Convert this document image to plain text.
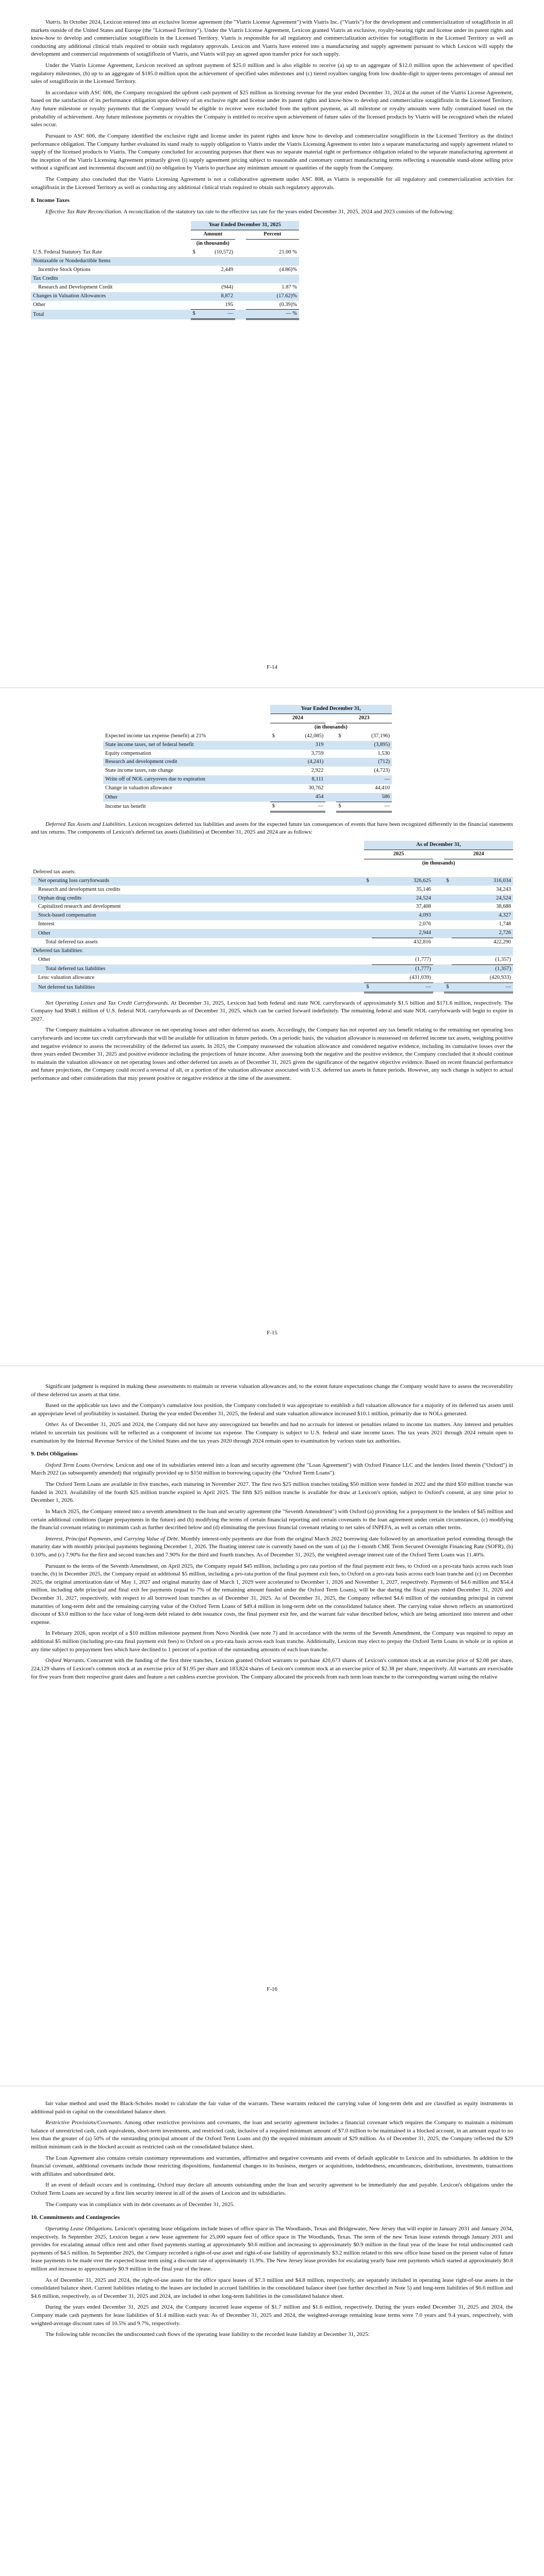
Viatris. In October 2024, Lexicon entered into an exclusive license agreement (the "Viatris License Agreement") with Viatris Inc. ("Viatris") for the development and commercialization of sotagliflozin in all markets outside of the United States and Europe (the "Licensed Territory"). Under the Viatris License Agreement, Lexicon granted Viatris an exclusive, royalty-bearing right and license under its patent rights and know-how to develop and commercialize sotagliflozin in the Licensed Territory. Viatris is responsible for all regulatory and commercialization activities for sotagliflozin in the Licensed Territory as well as conducting any additional clinical trials required to obtain such regulatory approvals. Lexicon and Viatris have entered into a manufacturing and supply agreement pursuant to which Lexicon will supply the development and commercial requirements of sotagliflozin of Viatris, and Viatris will pay an agreed upon transfer price for such supply.

Under the Viatris License Agreement, Lexicon received an upfront payment of $25.0 million and is also eligible to receive (a) up to an aggregate of $12.0 million upon the achievement of specified regulatory milestones, (b) up to an aggregate of $185.0 million upon the achievement of specified sales milestones and (c) tiered royalties ranging from low double-digit to upper-teens percentages of annual net sales of sotagliflozin in the Licensed Territory.

In accordance with ASC 606, the Company recognized the upfront cash payment of $25 million as licensing revenue for the year ended December 31, 2024 at the outset of the Viatris License Agreement, based on the satisfaction of its performance obligation upon delivery of an exclusive right and license under its patent rights and know-how to develop and commercialize sotagliflozin in the Licensed Territory. Any future milestone or royalty payments that the Company would be eligible to receive were excluded from the upfront payment, as all milestone or royalty amounts were fully constrained based on the probability of achievement. Any future milestone payments or royalties the Company is entitled to receive upon achievement of future sales of the licensed products by Viatris will be recognized when the related sales occur.

Pursuant to ASC 606, the Company identified the exclusive right and license under its patent rights and know how to develop and commercialize sotagliflozin in the Licensed Territory as the distinct performance obligation. The Company further evaluated its stand ready to supply obligation to Viatris under the Viatris Licensing Agreement to enter into a separate manufacturing and supply agreement related to supply of the licensed products to Viatris. The Company concluded for accounting purposes that there was no separate material right or performance obligation related to the separate manufacturing agreement at the inception of the Viatris Licensing Agreement primarily given (i) supply agreement pricing subject to reasonable and customary contract manufacturing terms reflecting a reasonable stand-alone selling price without a significant and incremental discount and (ii) no obligation by Viatris to purchase any minimum amount or quantities of the supply from the Company.

The Company also concluded that the Viatris Licensing Agreement is not a collaborative agreement under ASC 808, as Viatris is responsible for all regulatory and commercialization activities for sotagliflozin in the Licensed Territory as well as conducting any additional clinical trials required to obtain such regulatory approvals.

8. Income Taxes

Effective Tax Rate Reconciliation. A reconciliation of the statutory tax rate to the effective tax rate for the years ended December 31, 2025, 2024 and 2023 consists of the following:

	Year Ended December 31, 2025			
	Amount			Percent
	(in thousands)			
U.S. Federal Statutory Tax Rate	$	(10,572)		21.00 %
Nontaxable or Nondeductible Items				
Incentive Stock Options		2,449		(4.86)%
Tax Credits				
Research and Development Credit		(944)		1.87 %
Changes in Valuation Allowances		8,872		(17.62)%
Other		195		(0.39)%
Total	$	—		— %
F-14
	Year Ended December 31,				
	2024			2023	
	(in thousands)				
Expected income tax expense (benefit) at 21%	$	(42,085)		$	(37,196)
State income taxes, net of federal benefit		319			(3,895)
Equity compensation		3,759			1,530
Research and development credit		(4,241)			(712)
State income taxes, rate change		2,922			(4,723)
Write off of NOL carryovers due to expiration		8,111			—
Change in valuation allowance		30,762			44,410
Other		454			586
Income tax benefit	$	—		$	—

Deferred Tax Assets and Liabilities. Lexicon recognizes deferred tax liabilities and assets for the expected future tax consequences of events that have been recognized differently in the financial statements and tax returns. The components of Lexicon's deferred tax assets (liabilities) at December 31, 2025 and 2024 are as follows:

	As of December 31,				
	2025			2024	
	(in thousands)				
Deferred tax assets:					
Net operating loss carryforwards	$	326,625		$	316,034
Research and development tax credits		35,146			34,243
Orphan drug credits		24,524			24,524
Capitalized research and development		37,408			38,688
Stock-based compensation		4,093			4,327
Interest		2,076			1,748
Other		2,944			2,726
Total deferred tax assets		432,816			422,290
Deferred tax liabilities:					
Other		(1,777)			(1,357)
Total deferred tax liabilities		(1,777)			(1,357)
Less: valuation allowance		(431,039)			(420,933)
Net deferred tax liabilities	$	—		$	—

Net Operating Losses and Tax Credit Carryforwards. At December 31, 2025, Lexicon had both federal and state NOL carryforwards of approximately $1.5 billion and $171.6 million, respectively. The Company had $948.1 million of U.S. federal NOL carryforwards as of December 31, 2025, which can be carried forward indefinitely. The remaining federal and state NOL carryforwards will begin to expire in 2027.

The Company maintains a valuation allowance on net operating losses and other deferred tax assets. Accordingly, the Company has not reported any tax benefit relating to the remaining net operating loss carryforwards and income tax credit carryforwards that will be available for utilization in future periods. On a periodic basis, the valuation allowance is reassessed on deferred income tax assets, weighing positive and negative evidence to assess the recoverability of the deferred tax assets. In 2025, the Company reassessed the valuation allowance and considered negative evidence, including its cumulative losses over the three years ended December 31, 2025 and positive evidence including the projections of future income. After assessing both the negative and the positive evidence, the Company concluded that it should continue to maintain the valuation allowance on net operating losses and other deferred tax assets as of December 31, 2025 given the significance of the negative objective evidence. Based on recent financial performance and future projections, the Company could record a reversal of all, or a portion of the valuation allowance associated with U.S. deferred tax assets in future periods. However, any such change is subject to actual performance and other considerations that may present positive or negative evidence at the time of the assessment.

F-15

Significant judgment is required in making these assessments to maintain or reverse valuation allowances and, to the extent future expectations change the Company would have to assess the recoverability of these deferred tax assets at that time.

Based on the applicable tax laws and the Company's cumulative loss position, the Company concluded it was appropriate to establish a full valuation allowance for a majority of its deferred tax assets until an appropriate level of profitability is sustained. During the year ended December 31, 2025, the federal and state valuation allowance increased $10.1 million, primarily due to NOLs generated.

Other. As of December 31, 2025 and 2024, the Company did not have any unrecognized tax benefits and had no accruals for interest or penalties related to income tax matters. Any interest and penalties related to uncertain tax positions will be reflected as a component of income tax expense. The Company is subject to U.S. federal and state income taxes. The tax years 2021 through 2024 remain open to examination by the Internal Revenue Service of the United States and the tax years 2020 through 2024 remain open to examination by various state tax authorities.

9. Debt Obligations

Oxford Term Loans Overview. Lexicon and one of its subsidiaries entered into a loan and security agreement (the "Loan Agreement") with Oxford Finance LLC and the lenders listed therein ("Oxford") in March 2022 (as subsequently amended) that originally provided up to $150 million in borrowing capacity (the "Oxford Term Loans").

The Oxford Term Loans are available in five tranches, each maturing in November 2027. The first two $25 million tranches totaling $50 million were funded in 2022 and the third $50 million tranche was funded in 2023. Availability of the fourth $25 million tranche expired in April 2025. The fifth $25 million tranche is available for draw at Lexicon's option, subject to Oxford's consent, at any time prior to December 1, 2026.

In March 2025, the Company entered into a seventh amendment to the loan and security agreement (the "Seventh Amendment") with Oxford (a) providing for a prepayment to the lenders of $45 million and certain additional conditions (larger prepayments in the future) and (b) modifying the terms of certain financial reporting and certain covenants to the loan agreement under certain circumstances, (c) modifying the financial covenant relating to minimum cash as further described below and (d) eliminating the previous financial covenant relating to net sales of INPEFA, as well as certain other terms.

Interest, Principal Payments, and Carrying Value of Debt. Monthly interest-only payments are due from the original March 2022 borrowing date followed by an amortization period extending through the maturity date with monthly principal payments beginning December 1, 2026. The floating interest rate is currently based on the sum of (a) the 1-month CME Term Secured Overnight Financing Rate (SOFR), (b) 0.10%, and (c) 7.90% for the first and second tranches and 7.90% for the third and fourth tranches. As of December 31, 2025, the weighted average interest rate of the Oxford Term Loans was 11.40%.

Pursuant to the terms of the Seventh Amendment, on April 2025, the Company repaid $45 million, including a pro rata portion of the final payment exit fees, to Oxford on a pro-rata basis across each loan tranche, (b) in December 2025, the Company repaid an additional $5 million, including a pro-rata portion of the final payment exit fees, to Oxford on a pro-rata basis across each loan tranche and (c) on December 2025, the original amortization date of May 1, 2027 and original maturity date of March 1, 2029 were accelerated to December 1, 2026 and November 1, 2027, respectively. Payments of $4.6 million and $54.4 million, including debt principal and final exit fee payments (equal to 7% of the remaining amount funded under the Oxford Term Loans), will be due during the fiscal years ended December 31, 2026 and December 31, 2027, respectively, with respect to all borrowed loan tranches as of December 31, 2025. As of December 31, 2025, the Company reflected $4.6 million of the outstanding principal in current maturities of long-term debt and the remaining carrying value of the Oxford Term Loans of $49.4 million in long-term debt on the consolidated balance sheet. The carrying value shown reflects an unamortized discount of $3.0 million to the face value of long-term debt related to debt issuance costs, the final payment exit fee, and the warrant fair value described below, which are being amortized into interest and other expense.

In February 2026, upon receipt of a $10 million milestone payment from Novo Nordisk (see note 7) and in accordance with the terms of the Seventh Amendment, the Company was required to repay an additional $5 million (including pro-rata final payment exit fees) to Oxford on a pro-rata basis across each loan tranche. Additionally, Lexicon may elect to prepay the Oxford Term Loans in whole or in option at any time subject to prepayment fees which have declined to 1 percent of a portion of the outstanding amounts of each loan tranche.

Oxford Warrants. Concurrent with the funding of the first three tranches, Lexicon granted Oxford warrants to purchase 420,673 shares of Lexicon's common stock at an exercise price of $2.08 per share, 224,129 shares of Lexicon's common stock at an exercise price of $1.95 per share and 183,824 shares of Lexicon's common stock at an exercise price of $2.38 per share, respectively. All warrants are exercisable for five years from their respective grant dates and feature a net cashless exercise provision. The Company allocated the proceeds from each term loan tranche to the corresponding warrant using the relative

F-16

fair value method and used the Black-Scholes model to calculate the fair value of the warrants. These warrants reduced the carrying value of long-term debt and are classified as equity instruments in additional paid-in capital on the consolidated balance sheet.

Restrictive Provisions/Covenants. Among other restrictive provisions and covenants, the loan and security agreement includes a financial covenant which requires the Company to maintain a minimum balance of unrestricted cash, cash equivalents, short-term investments, and restricted cash, inclusive of a required minimum amount of $7.0 million to be maintained in a blocked account, in an amount equal to no less than the greater of (a) 50% of the outstanding principal amount of the Oxford Term Loans and (b) the required minimum amount of $29 million. As of December 31, 2025, the Company reflected the $29 million minimum cash in the blocked account as restricted cash on the consolidated balance sheet.

The Loan Agreement also contains certain customary representations and warranties, affirmative and negative covenants and events of default applicable to Lexicon and its subsidiaries. In addition to the financial covenant, additional covenants include those restricting dispositions, fundamental changes to its business, mergers or acquisitions, indebtedness, encumbrances, distributions, investments, transactions with affiliates and subordinated debt.

If an event of default occurs and is continuing, Oxford may declare all amounts outstanding under the loan and security agreement to be immediately due and payable. Lexicon's obligations under the Oxford Term Loans are secured by a first lien security interest in all of the assets of Lexicon and its subsidiaries.

The Company was in compliance with its debt covenants as of December 31, 2025.

10. Commitments and Contingencies

Operating Lease Obligations. Lexicon's operating lease obligations include leases of office space in The Woodlands, Texas and Bridgewater, New Jersey that will expire in January 2031 and January 2034, respectively. In September 2025, Lexicon began a new lease agreement for 25,000 square feet of office space in The Woodlands, Texas. The term of the new Texas lease extends through January 2031 and provides for escalating annual office rent and other fixed payments starting at approximately $0.6 million and increasing to approximately $0.9 million in the final year of the lease for total undiscounted cash payments of $4.5 million. In September 2025, the Company recorded a right-of-use asset and right-of-use liability of approximately $3.2 million related to this new office lease based on the present value of future lease payments to be made over the expected lease term using a discount rate of approximately 11.9%. The New Jersey lease provides for escalating yearly base rent payments which started at approximately $0.8 million and increase to approximately $0.9 million in the final year of the lease.

As of December 31, 2025 and 2024, the right-of-use assets for the office space leases of $7.3 million and $4.8 million, respectively, are separately included in operating lease right-of-use assets in the consolidated balance sheet. Current liabilities relating to the leases are included in accrued liabilities in the consolidated balance sheet (see further described in Note 5) and long-term liabilities of $6.6 million and $4.6 million, respectively, as of December 31, 2025 and 2024, are included in other long-term liabilities in the consolidated balance sheet.

During the years ended December 31, 2025 and 2024, the Company incurred lease expense of $1.7 million and $1.6 million, respectively. During the years ended December 31, 2025 and 2024, the Company made cash payments for lease liabilities of $1.4 million each year. As of December 31, 2025 and 2024, the weighted-average remaining lease terms were 7.0 years and 9.4 years, respectively, with weighted-average discount rates of 10.5% and 9.7%, respectively.

The following table reconciles the undiscounted cash flows of the operating lease liability to the recorded lease liability at December 31, 2025:
